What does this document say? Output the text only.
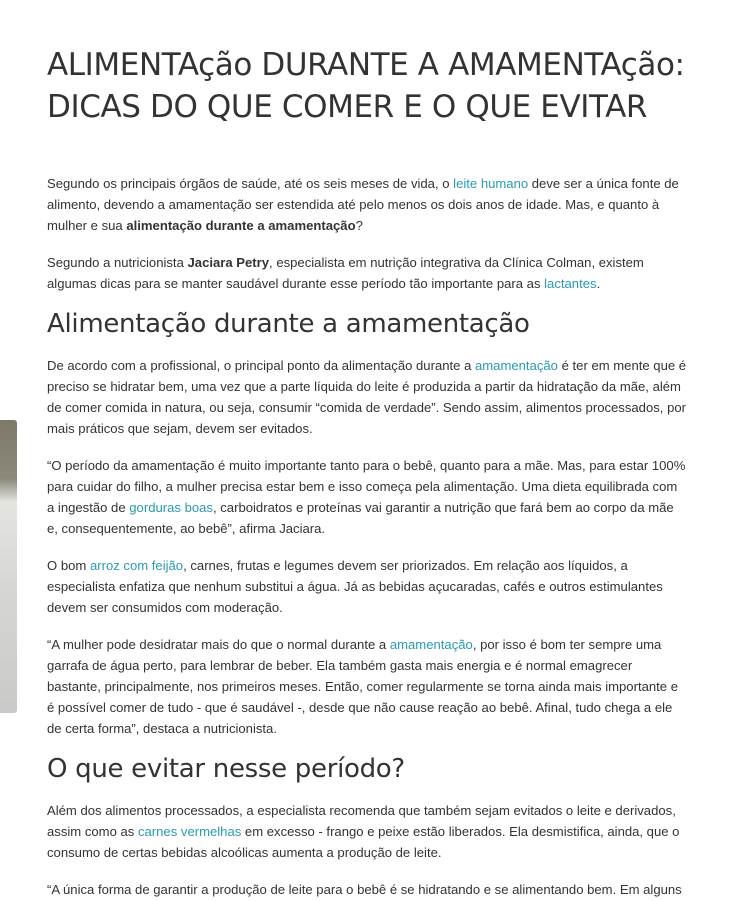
ALIMENTAção DURANTE A AMAMENTAção: DICAS DO QUE COMER E O QUE EVITAR

Segundo os principais órgãos de saúde, até os seis meses de vida, o leite humano deve ser a única fonte de alimento, devendo a amamentação ser estendida até pelo menos os dois anos de idade. Mas, e quanto à mulher e sua alimentação durante a amamentação?

Segundo a nutricionista Jaciara Petry, especialista em nutrição integrativa da Clínica Colman, existem algumas dicas para se manter saudável durante esse período tão importante para as lactantes.

Alimentação durante a amamentação

De acordo com a profissional, o principal ponto da alimentação durante a amamentação é ter em mente que é preciso se hidratar bem, uma vez que a parte líquida do leite é produzida a partir da hidratação da mãe, além de comer comida in natura, ou seja, consumir “comida de verdade”. Sendo assim, alimentos processados, por mais práticos que sejam, devem ser evitados.

“O período da amamentação é muito importante tanto para o bebê, quanto para a mãe. Mas, para estar 100% para cuidar do filho, a mulher precisa estar bem e isso começa pela alimentação. Uma dieta equilibrada com a ingestão de gorduras boas, carboidratos e proteínas vai garantir a nutrição que fará bem ao corpo da mãe e, consequentemente, ao bebê”, afirma Jaciara.

O bom arroz com feijão, carnes, frutas e legumes devem ser priorizados. Em relação aos líquidos, a especialista enfatiza que nenhum substitui a água. Já as bebidas açucaradas, cafés e outros estimulantes devem ser consumidos com moderação.

“A mulher pode desidratar mais do que o normal durante a amamentação, por isso é bom ter sempre uma garrafa de água perto, para lembrar de beber. Ela também gasta mais energia e é normal emagrecer bastante, principalmente, nos primeiros meses. Então, comer regularmente se torna ainda mais importante e é possível comer de tudo - que é saudável -, desde que não cause reação ao bebê. Afinal, tudo chega a ele de certa forma”, destaca a nutricionista.

O que evitar nesse período?

Além dos alimentos processados, a especialista recomenda que também sejam evitados o leite e derivados, assim como as carnes vermelhas em excesso - frango e peixe estão liberados. Ela desmistifica, ainda, que o consumo de certas bebidas alcoólicas aumenta a produção de leite.

“A única forma de garantir a produção de leite para o bebê é se hidratando e se alimentando bem. Em alguns
